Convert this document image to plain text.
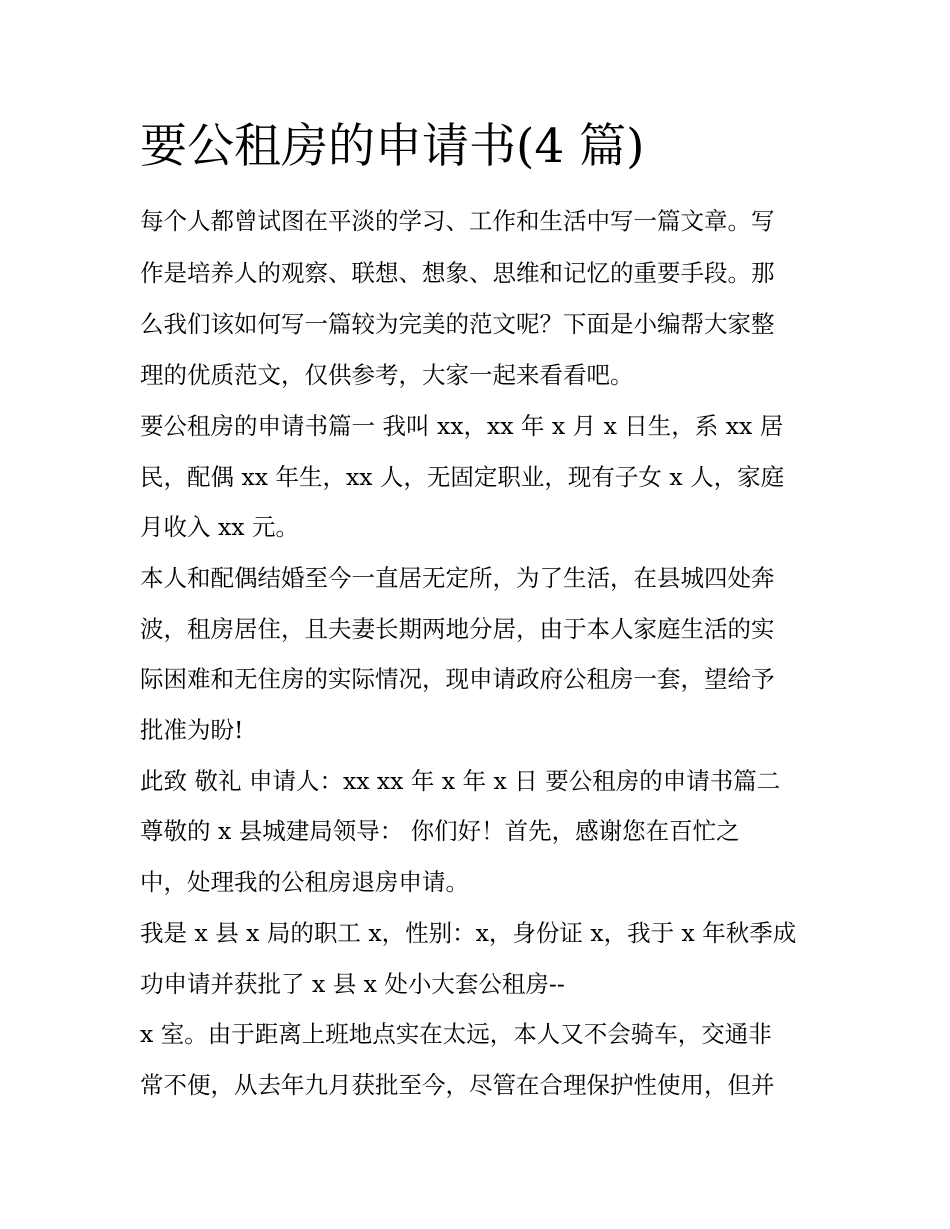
要公租房的申请书(4 篇)

每个人都曾试图在平淡的学习、工作和生活中写一篇文章。写

作是培养人的观察、联想、想象、思维和记忆的重要手段。那

么我们该如何写一篇较为完美的范文呢？下面是小编帮大家整

理的优质范文，仅供参考，大家一起来看看吧。

要公租房的申请书篇一 我叫 xx，xx 年 x 月 x 日生，系 xx 居

民，配偶 xx 年生，xx 人，无固定职业，现有子女 x 人，家庭

月收入 xx 元。

本人和配偶结婚至今一直居无定所，为了生活，在县城四处奔

波，租房居住，且夫妻长期两地分居，由于本人家庭生活的实

际困难和无住房的实际情况，现申请政府公租房一套，望给予

批准为盼!

此致 敬礼 申请人：xx xx 年 x 年 x 日 要公租房的申请书篇二

尊敬的 x 县城建局领导： 你们好！首先，感谢您在百忙之

中，处理我的公租房退房申请。

我是 x 县 x 局的职工 x，性别：x，身份证 x，我于 x 年秋季成

功申请并获批了 x 县 x 处小大套公租房--

x 室。由于距离上班地点实在太远，本人又不会骑车，交通非

常不便，从去年九月获批至今，尽管在合理保护性使用，但并
